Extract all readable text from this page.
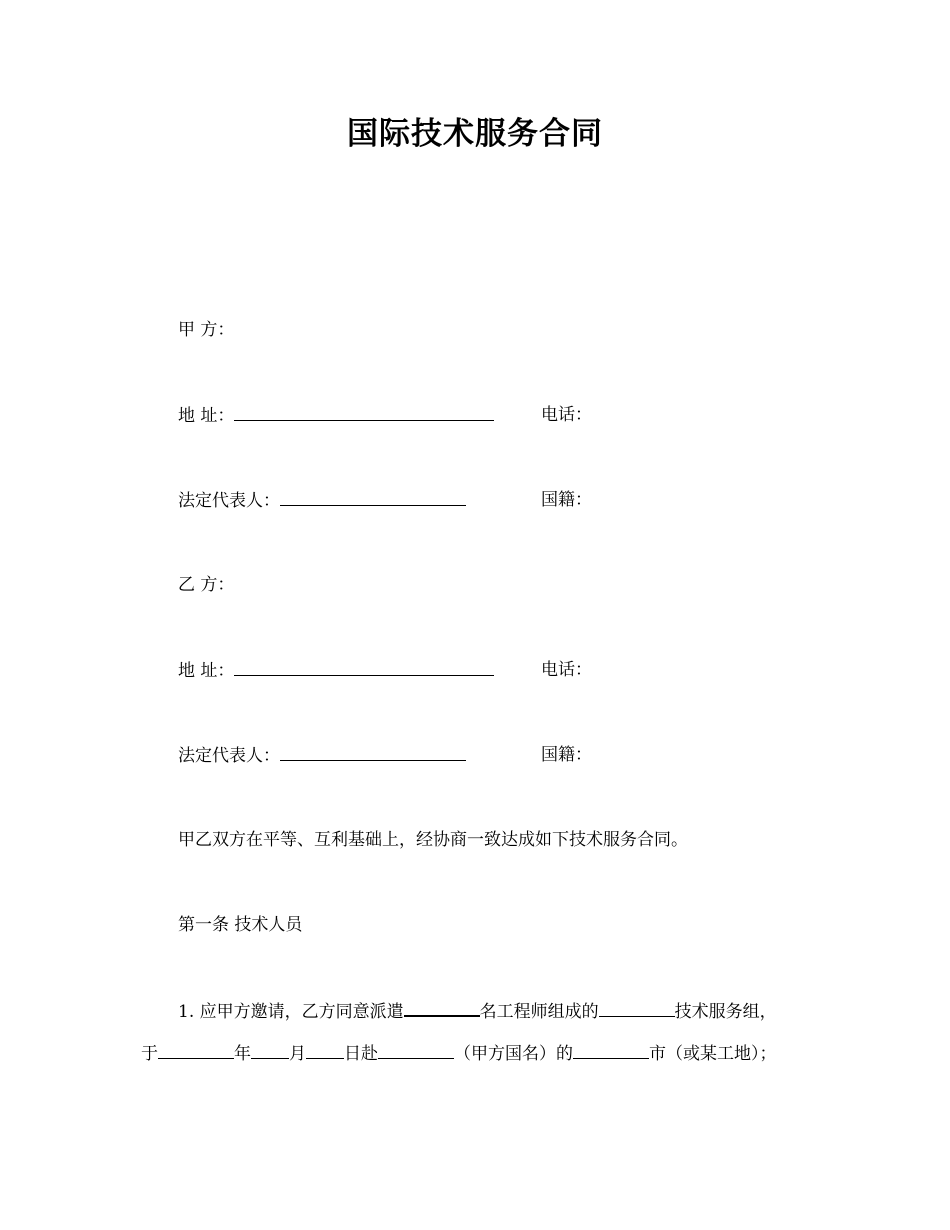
国际技术服务合同
甲 方：
地 址：	电话：
法定代表人：	国籍：
乙 方：
地 址：	电话：
法定代表人：	国籍：
甲乙双方在平等、互利基础上，经协商一致达成如下技术服务合同。
第一条 技术人员
1. 应甲方邀请，乙方同意派遣	名工程师组成的	技术服务组，
于	年 月 日赴	（甲方国名）的	市（或某工地）；
